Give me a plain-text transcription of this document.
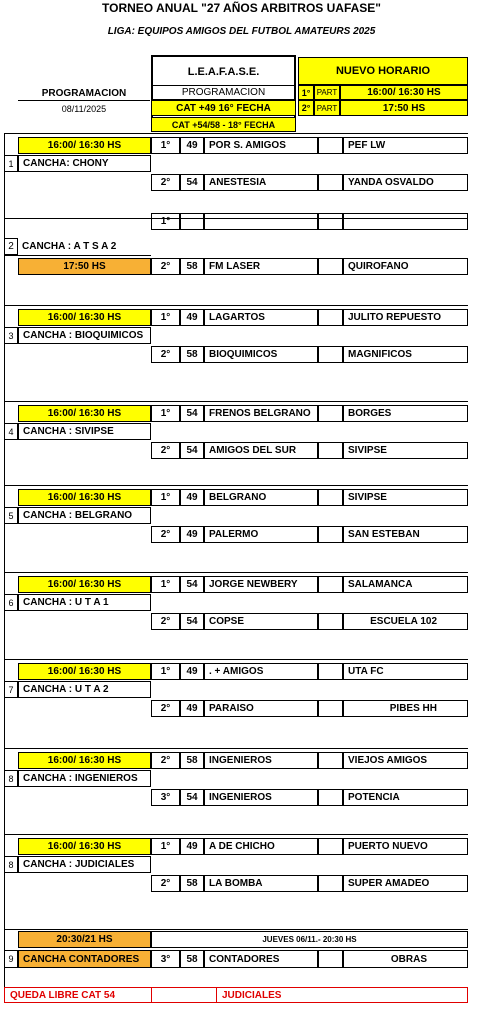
TORNEO ANUAL "27 AÑOS ARBITROS UAFASE"
LIGA: EQUIPOS AMIGOS DEL FUTBOL AMATEURS 2025
PROGRAMACION
08/11/2025
L.E.A.F.A.S.E.
PROGRAMACION
CAT +49 16° FECHA
CAT +54/58 - 18° FECHA
NUEVO HORARIO
1° PART	16:00/ 16:30 HS
2° PART	17:50 HS
16:00/ 16:30 HS
1 CANCHA: CHONY
1°	49	POR S. AMIGOS	PEF LW
2°	54	ANESTESIA	YANDA OSVALDO
2 CANCHA : A T S A 2
17:50 HS
1°
2°	58	FM LASER	QUIROFANO
16:00/ 16:30 HS
3 CANCHA : BIOQUIMICOS
1°	49	LAGARTOS	JULITO REPUESTO
2°	58	BIOQUIMICOS	MAGNIFICOS
16:00/ 16:30 HS
4 CANCHA : SIVIPSE
1°	54	FRENOS BELGRANO	BORGES
2°	54	AMIGOS DEL SUR	SIVIPSE
16:00/ 16:30 HS
5 CANCHA : BELGRANO
1°	49	BELGRANO	SIVIPSE
2°	49	PALERMO	SAN ESTEBAN
16:00/ 16:30 HS
6 CANCHA : U T A 1
1°	54	JORGE NEWBERY	SALAMANCA
2°	54	COPSE	ESCUELA 102
16:00/ 16:30 HS
7 CANCHA : U T A 2
1°	49	. + AMIGOS	UTA FC
2°	49	PARAISO	PIBES HH
16:00/ 16:30 HS
8 CANCHA : INGENIEROS
2°	58	INGENIEROS	VIEJOS AMIGOS
3°	54	INGENIEROS	POTENCIA
16:00/ 16:30 HS
8 CANCHA : JUDICIALES
1°	49	A DE CHICHO	PUERTO NUEVO
2°	58	LA BOMBA	SUPER AMADEO
20:30/21 HS	JUEVES 06/11.- 20:30 HS
9 CANCHA CONTADORES	3°	58	CONTADORES	OBRAS
QUEDA LIBRE CAT 54	JUDICIALES
